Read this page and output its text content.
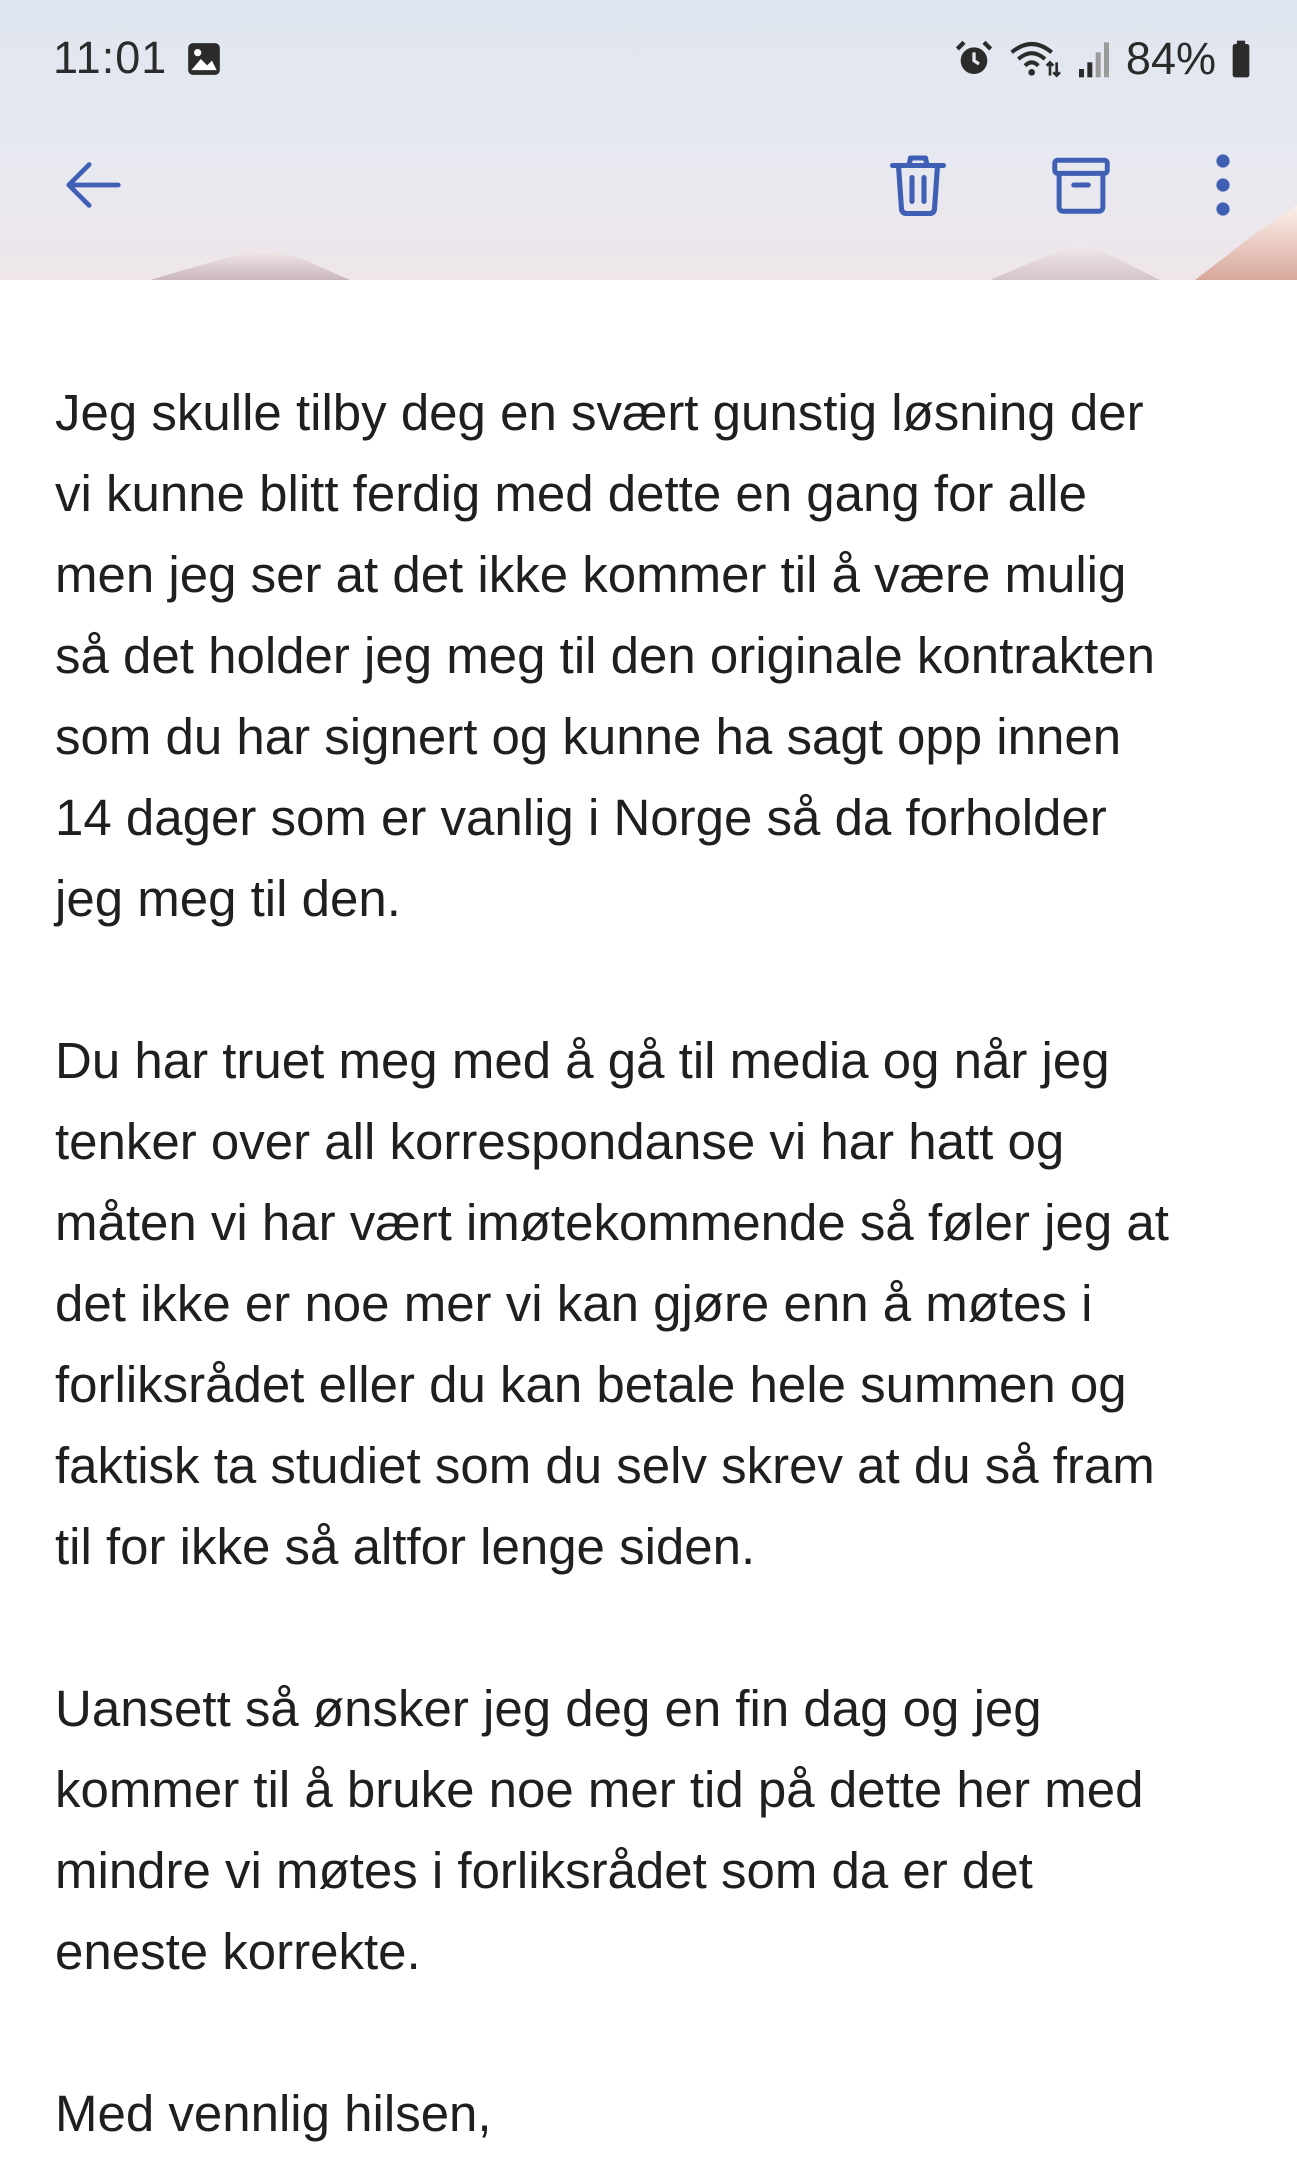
11:01	84%

Jeg skulle tilby deg en svært gunstig løsning der
vi kunne blitt ferdig med dette en gang for alle
men jeg ser at det ikke kommer til å være mulig
så det holder jeg meg til den originale kontrakten
som du har signert og kunne ha sagt opp innen
14 dager som er vanlig i Norge så da forholder
jeg meg til den.

Du har truet meg med å gå til media og når jeg
tenker over all korrespondanse vi har hatt og
måten vi har vært imøtekommende så føler jeg at
det ikke er noe mer vi kan gjøre enn å møtes i
forliksrådet eller du kan betale hele summen og
faktisk ta studiet som du selv skrev at du så fram
til for ikke så altfor lenge siden.

Uansett så ønsker jeg deg en fin dag og jeg
kommer til å bruke noe mer tid på dette her med
mindre vi møtes i forliksrådet som da er det
eneste korrekte.

Med vennlig hilsen,
